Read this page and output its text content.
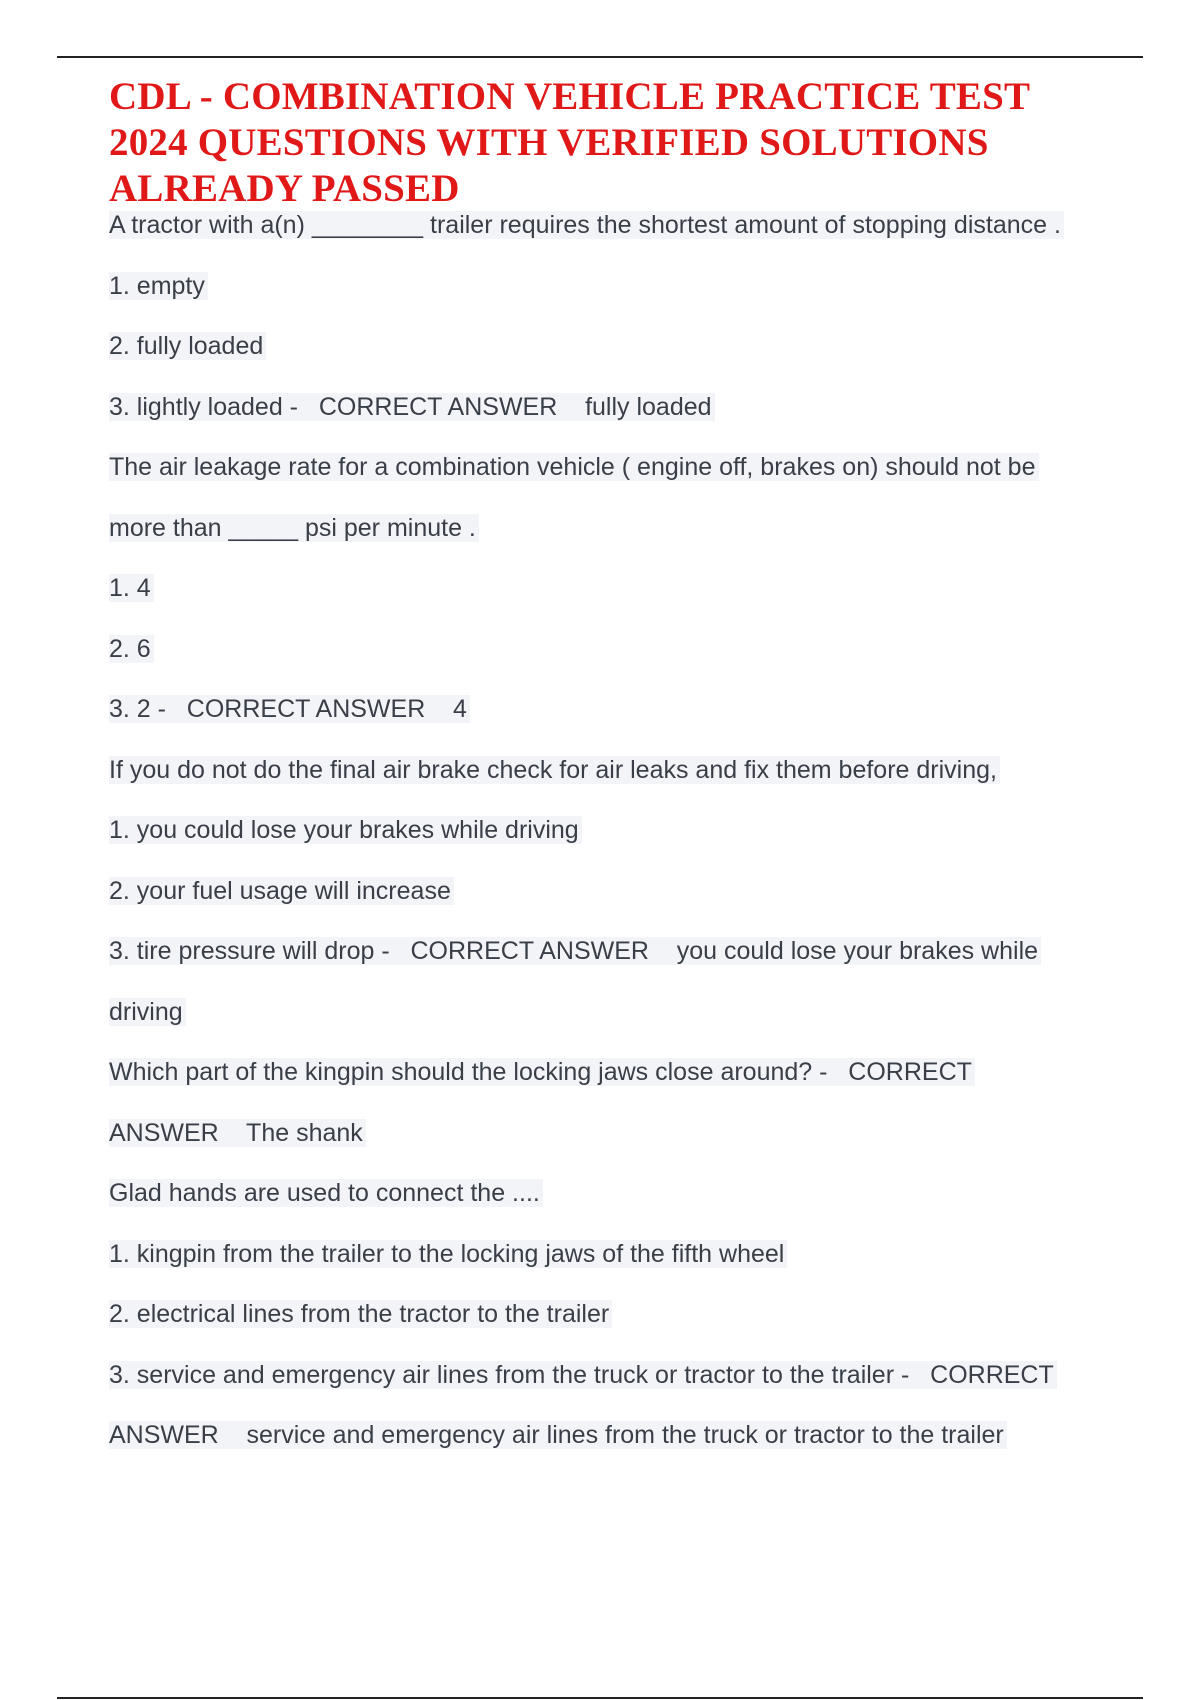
CDL - COMBINATION VEHICLE PRACTICE TEST
2024 QUESTIONS WITH VERIFIED SOLUTIONS
ALREADY PASSED
A tractor with a(n) ________ trailer requires the shortest amount of stopping distance .
1. empty
2. fully loaded
3. lightly loaded -   CORRECT ANSWER    fully loaded
The air leakage rate for a combination vehicle ( engine off, brakes on) should not be
more than _____ psi per minute .
1. 4
2. 6
3. 2 -   CORRECT ANSWER    4
If you do not do the final air brake check for air leaks and fix them before driving,
1. you could lose your brakes while driving
2. your fuel usage will increase
3. tire pressure will drop -   CORRECT ANSWER    you could lose your brakes while
driving
Which part of the kingpin should the locking jaws close around? -   CORRECT
ANSWER    The shank
Glad hands are used to connect the ....
1. kingpin from the trailer to the locking jaws of the fifth wheel
2. electrical lines from the tractor to the trailer
3. service and emergency air lines from the truck or tractor to the trailer -   CORRECT
ANSWER    service and emergency air lines from the truck or tractor to the trailer
